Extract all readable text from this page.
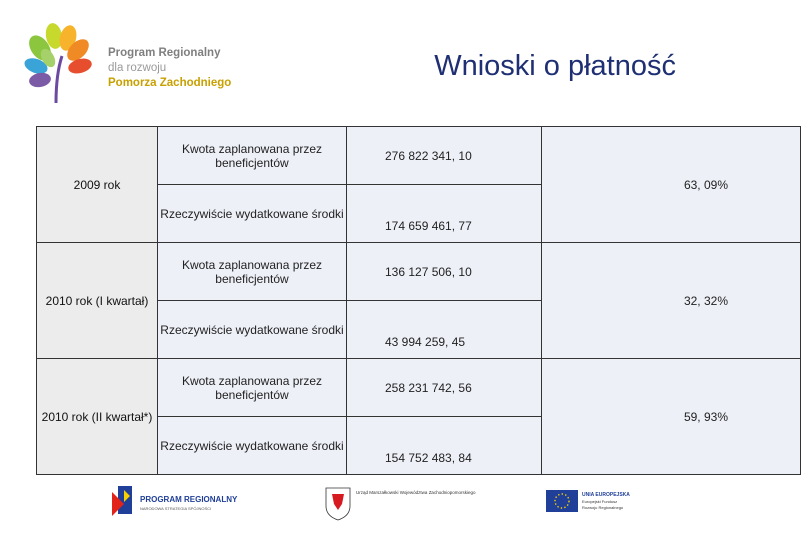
Program Regionalny
dla rozwoju
Pomorza Zachodniego
Wnioski o płatność
2009 rok	Kwota zaplanowana przez beneficjentów	276 822 341, 10	63, 09%
	Rzeczywiście wydatkowane środki	174 659 461, 77	
2010 rok (I kwartał)	Kwota zaplanowana przez beneficjentów	136 127 506, 10	32, 32%
	Rzeczywiście wydatkowane środki	43 994 259, 45	
2010 rok (II kwartał*)	Kwota zaplanowana przez beneficjentów	258 231 742, 56	59, 93%
	Rzeczywiście wydatkowane środki	154 752 483, 84	
PROGRAM REGIONALNY
NARODOWA STRATEGIA SPÓJNOŚCI
Urząd Marszałkowski Województwa Zachodniopomorskiego	UNIA EUROPEJSKA
Europejski Fundusz
Rozwoju Regionalnego
